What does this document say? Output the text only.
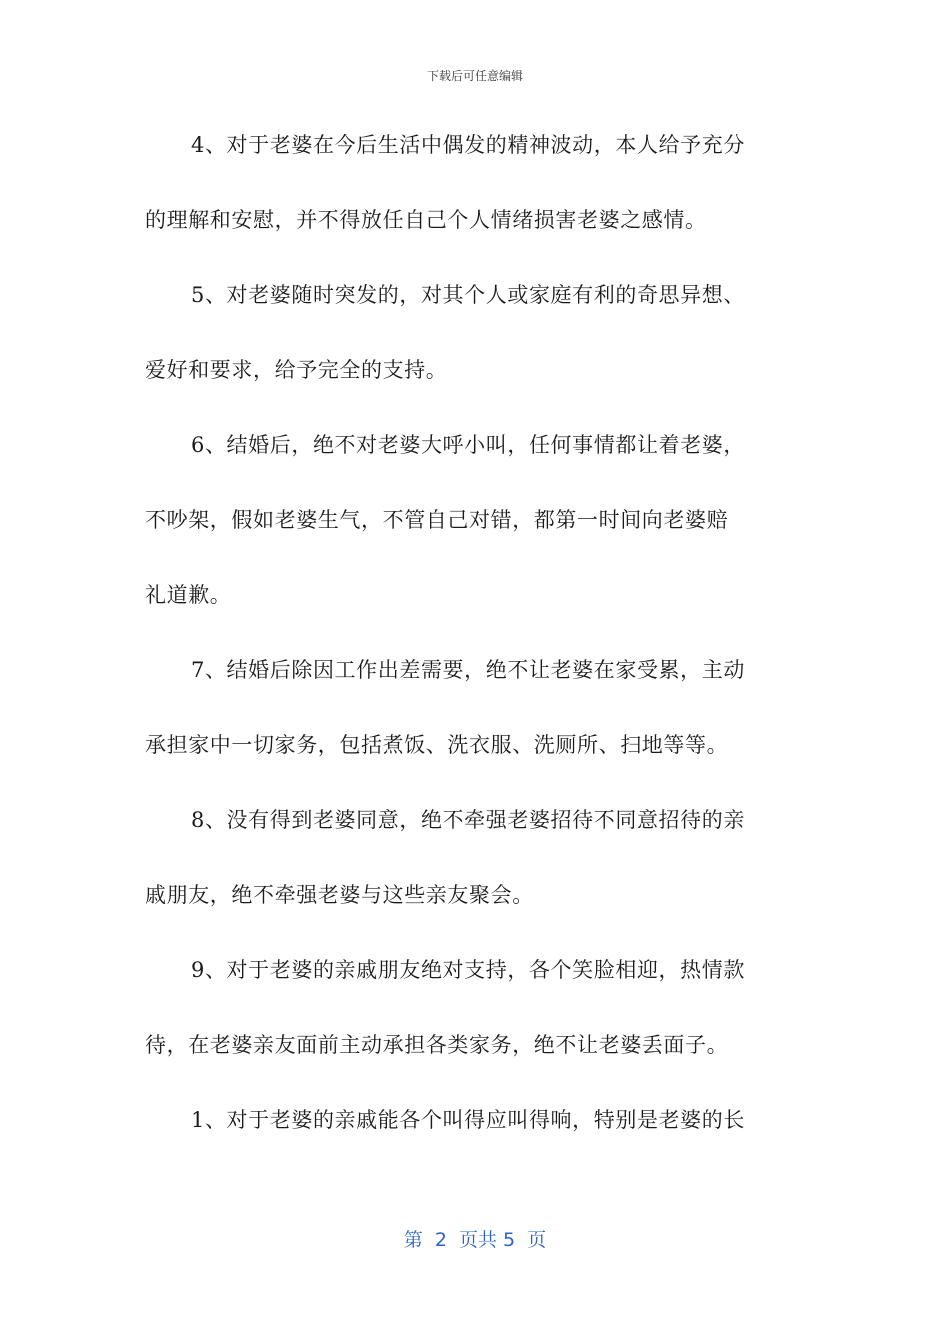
下载后可任意编辑
4、对于老婆在今后生活中偶发的精神波动，本人给予充分
的理解和安慰，并不得放任自己个人情绪损害老婆之感情。
5、对老婆随时突发的，对其个人或家庭有利的奇思异想、
爱好和要求，给予完全的支持。
6、结婚后，绝不对老婆大呼小叫，任何事情都让着老婆，
不吵架，假如老婆生气，不管自己对错，都第一时间向老婆赔
礼道歉。
7、结婚后除因工作出差需要，绝不让老婆在家受累，主动
承担家中一切家务，包括煮饭、洗衣服、洗厕所、扫地等等。
8、没有得到老婆同意，绝不牵强老婆招待不同意招待的亲
戚朋友，绝不牵强老婆与这些亲友聚会。
9、对于老婆的亲戚朋友绝对支持，各个笑脸相迎，热情款
待，在老婆亲友面前主动承担各类家务，绝不让老婆丢面子。
1、对于老婆的亲戚能各个叫得应叫得响，特别是老婆的长
第  2  页共 5  页
